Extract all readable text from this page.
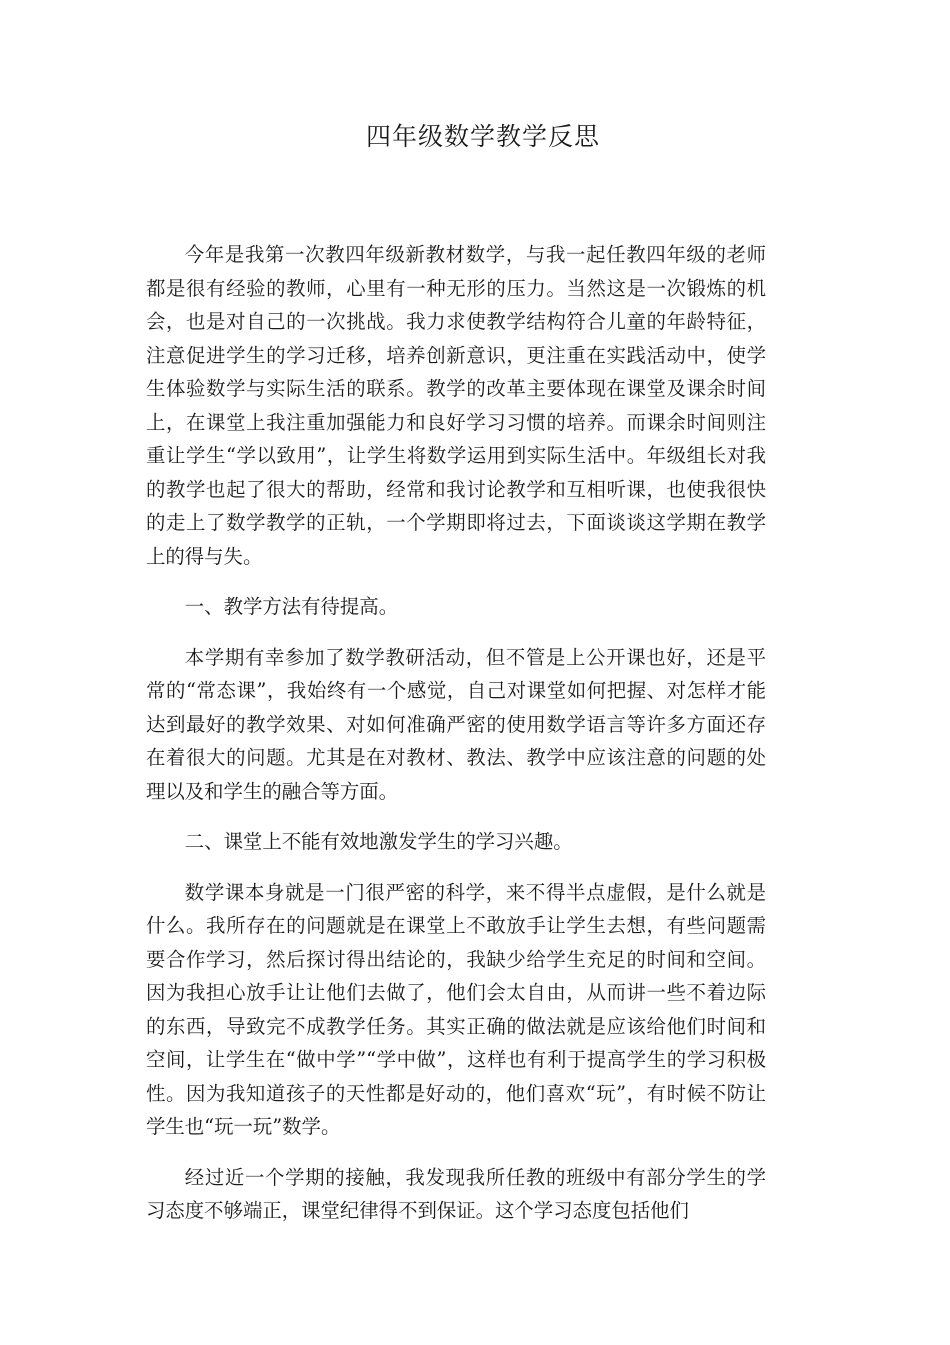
四年级数学教学反思

今年是我第一次教四年级新教材数学，与我一起任教四年级的老师都是很有经验的教师，心里有一种无形的压力。当然这是一次锻炼的机会，也是对自己的一次挑战。我力求使教学结构符合儿童的年龄特征，注意促进学生的学习迁移，培养创新意识，更注重在实践活动中，使学生体验数学与实际生活的联系。教学的改革主要体现在课堂及课余时间上，在课堂上我注重加强能力和良好学习习惯的培养。而课余时间则注重让学生“学以致用”，让学生将数学运用到实际生活中。年级组长对我的教学也起了很大的帮助，经常和我讨论教学和互相听课，也使我很快的走上了数学教学的正轨，一个学期即将过去，下面谈谈这学期在教学上的得与失。

一、教学方法有待提高。

本学期有幸参加了数学教研活动，但不管是上公开课也好，还是平常的“常态课”，我始终有一个感觉，自己对课堂如何把握、对怎样才能达到最好的教学效果、对如何准确严密的使用数学语言等许多方面还存在着很大的问题。尤其是在对教材、教法、教学中应该注意的问题的处理以及和学生的融合等方面。

二、课堂上不能有效地激发学生的学习兴趣。

数学课本身就是一门很严密的科学，来不得半点虚假，是什么就是什么。我所存在的问题就是在课堂上不敢放手让学生去想，有些问题需要合作学习，然后探讨得出结论的，我缺少给学生充足的时间和空间。因为我担心放手让让他们去做了，他们会太自由，从而讲一些不着边际的东西，导致完不成教学任务。其实正确的做法就是应该给他们时间和空间，让学生在“做中学”“学中做”，这样也有利于提高学生的学习积极性。因为我知道孩子的天性都是好动的，他们喜欢“玩”，有时候不防让学生也“玩一玩”数学。

经过近一个学期的接触，我发现我所任教的班级中有部分学生的学习态度不够端正，课堂纪律得不到保证。这个学习态度包括他们
